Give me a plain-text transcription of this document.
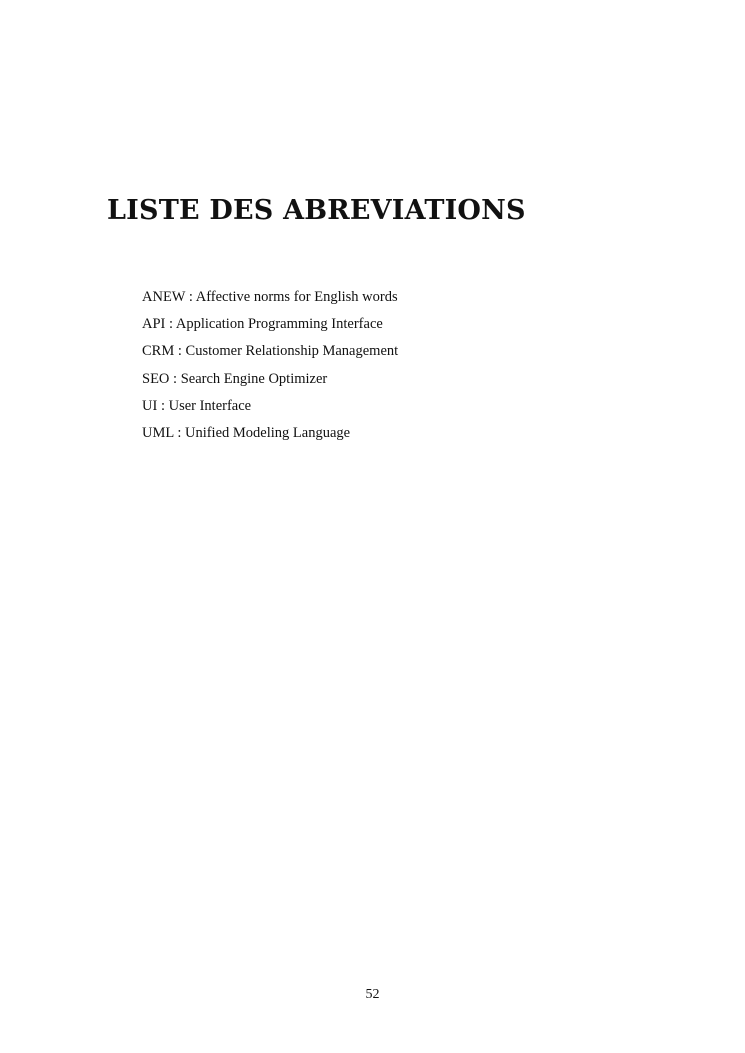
LISTE DES ABREVIATIONS
ANEW : Affective norms for English words
API : Application Programming Interface
CRM : Customer Relationship Management
SEO : Search Engine Optimizer
UI : User Interface
UML : Unified Modeling Language
52
